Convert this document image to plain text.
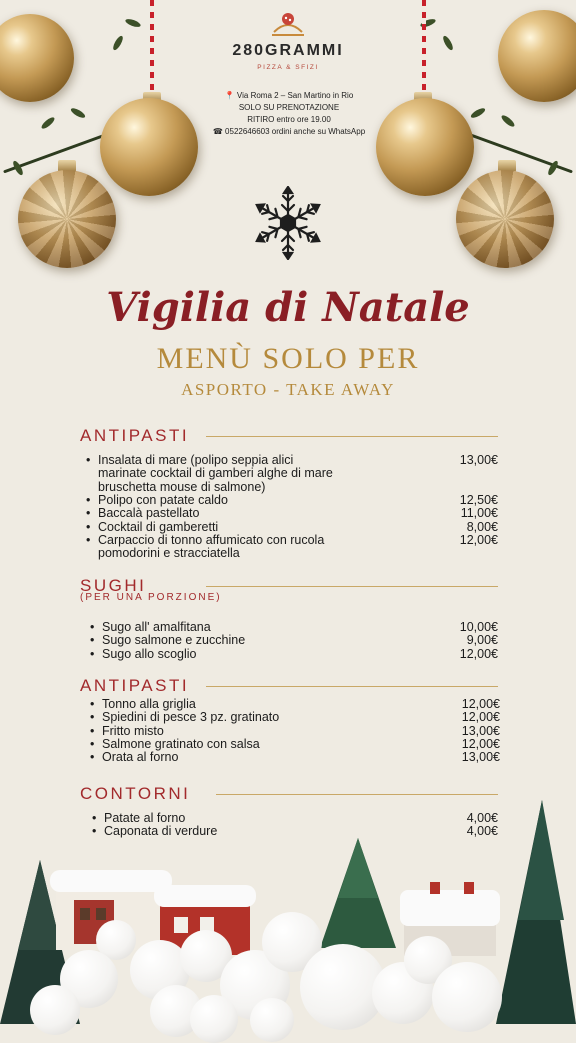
280GRAMMI
PIZZA & SFIZI
📍 Via Roma 2 – San Martino in Rio
SOLO SU PRENOTAZIONE
RITIRO entro ore 19.00
☎ 0522646603 ordini anche su WhatsApp
Vigilia di Natale
MENÙ SOLO PER
ASPORTO - TAKE AWAY
ANTIPASTI
• Insalata di mare (polipo seppia alici marinate cocktail di gamberi alghe di mare bruschetta mouse di salmone)
13,00€
• Polipo con patate caldo	12,50€
• Baccalà pastellato	11,00€
• Cocktail di gamberetti	8,00€
• Carpaccio di tonno affumicato con rucola pomodorini e stracciatella
12,00€
SUGHI
(PER UNA PORZIONE)
• Sugo all' amalfitana	10,00€
• Sugo salmone e zucchine	9,00€
• Sugo allo scoglio	12,00€
ANTIPASTI
• Tonno alla griglia	12,00€
• Spiedini di pesce 3 pz. gratinato	12,00€
• Fritto misto	13,00€
• Salmone gratinato con salsa	12,00€
• Orata al forno	13,00€
CONTORNI
• Patate al forno	4,00€
• Caponata di verdure	4,00€
